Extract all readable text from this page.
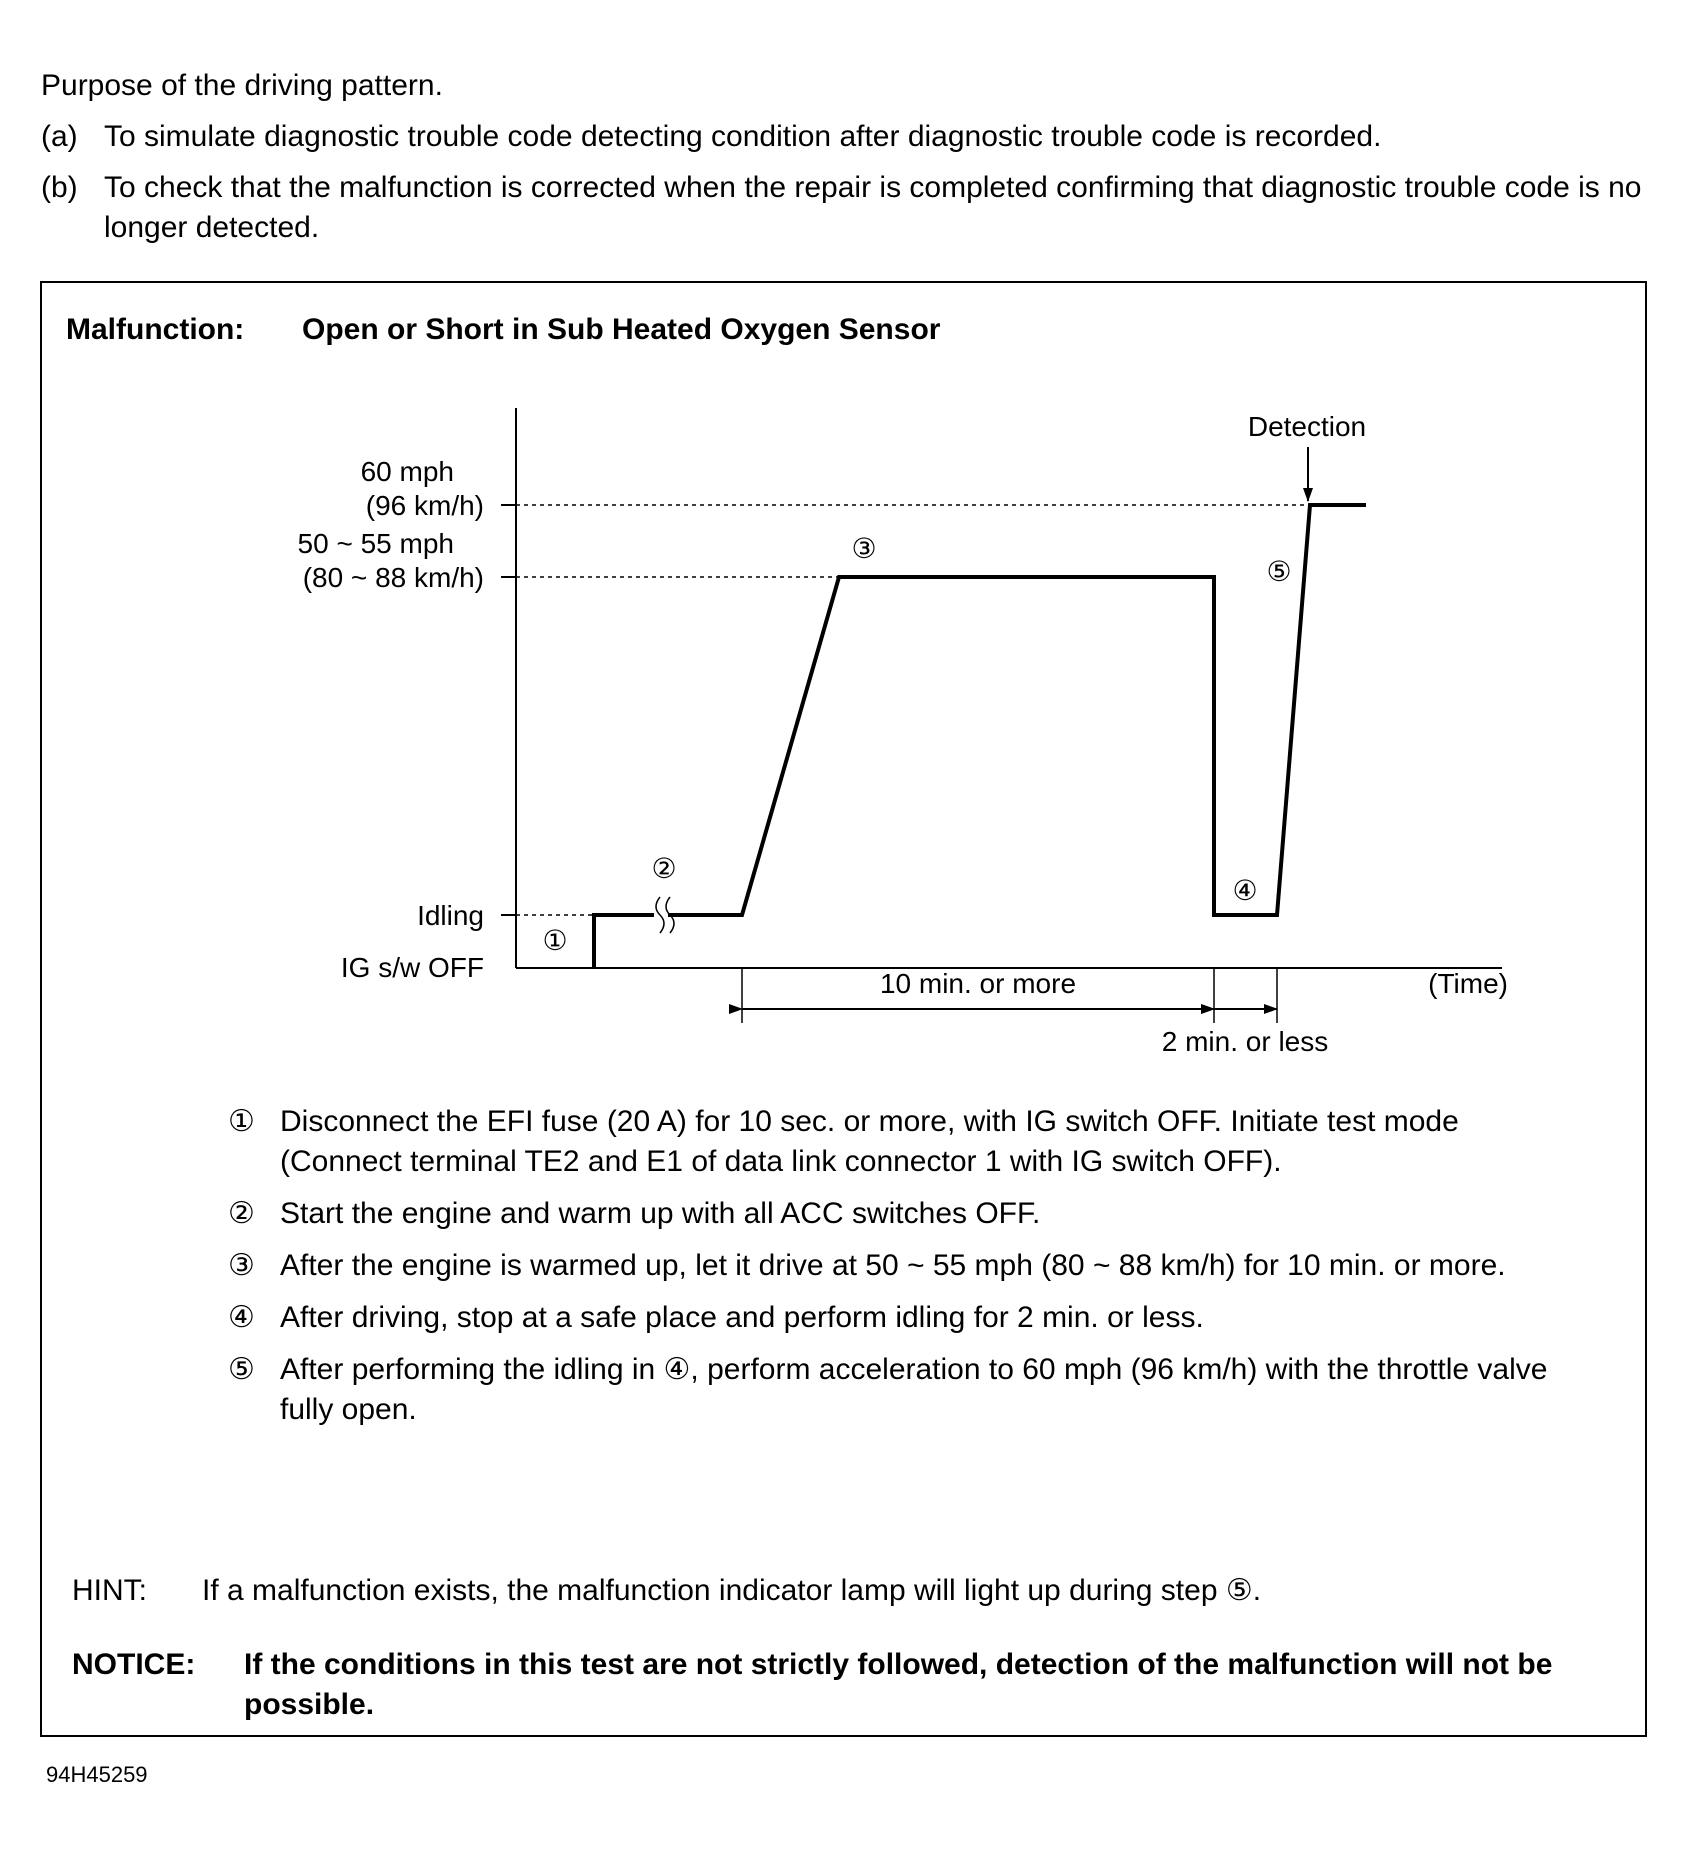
Purpose of the driving pattern.
(a) To simulate diagnostic trouble code detecting condition after diagnostic trouble code is recorded.
(b) To check that the malfunction is corrected when the repair is completed confirming that diagnostic trouble code is no longer detected.
Malfunction: Open or Short in Sub Heated Oxygen Sensor
60 mph
(96 km/h)
50 ~ 55 mph
(80 ~ 88 km/h)
Idling
IG s/w OFF
①
②
③
④
⑤
Detection
10 min. or more
2 min. or less
(Time)
① Disconnect the EFI fuse (20 A) for 10 sec. or more, with IG switch OFF. Initiate test mode (Connect terminal TE2 and E1 of data link connector 1 with IG switch OFF).
② Start the engine and warm up with all ACC switches OFF.
③ After the engine is warmed up, let it drive at 50 ~ 55 mph (80 ~ 88 km/h) for 10 min. or more.
④ After driving, stop at a safe place and perform idling for 2 min. or less.
⑤ After performing the idling in ④, perform acceleration to 60 mph (96 km/h) with the throttle valve fully open.
HINT:	If a malfunction exists, the malfunction indicator lamp will light up during step ⑤.
NOTICE:	If the conditions in this test are not strictly followed, detection of the malfunction will not be possible.
94H45259
